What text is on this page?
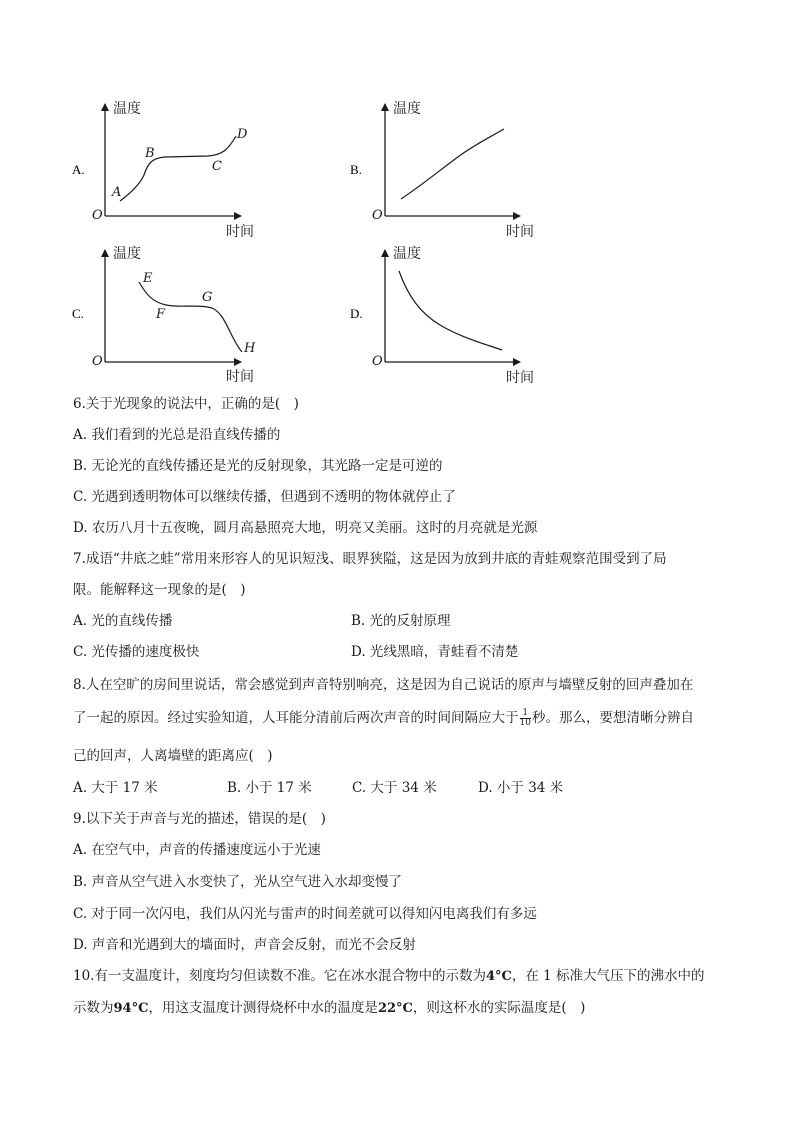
A.
温度
时间
O
A
B
C
D
B.
温度
时间
O
C.
温度
时间
O
E
F
G
H
D.
温度
时间
O
6.关于光现象的说法中，正确的是(　)
A. 我们看到的光总是沿直线传播的
B. 无论光的直线传播还是光的反射现象，其光路一定是可逆的
C. 光遇到透明物体可以继续传播，但遇到不透明的物体就停止了
D. 农历八月十五夜晚，圆月高悬照亮大地，明亮又美丽。这时的月亮就是光源
7.成语“井底之蛙”常用来形容人的见识短浅、眼界狭隘，这是因为放到井底的青蛙观察范围受到了局
限。能解释这一现象的是(　)
A. 光的直线传播	B. 光的反射原理
C. 光传播的速度极快	D. 光线黑暗，青蛙看不清楚
8.人在空旷的房间里说话，常会感觉到声音特别响亮，这是因为自己说话的原声与墙壁反射的回声叠加在
了一起的原因。经过实验知道，人耳能分清前后两次声音的时间间隔应大于 $\frac{1}{10}$ 秒。那么，要想清晰分辨自
己的回声，人离墙壁的距离应(　)
A. 大于 17 米	B. 小于 17 米	C. 大于 34 米	D. 小于 34 米
9.以下关于声音与光的描述，错误的是(　)
A. 在空气中，声音的传播速度远小于光速
B. 声音从空气进入水变快了，光从空气进入水却变慢了
C. 对于同一次闪电，我们从闪光与雷声的时间差就可以得知闪电离我们有多远
D. 声音和光遇到大的墙面时，声音会反射，而光不会反射
10.有一支温度计，刻度均匀但读数不准。它在冰水混合物中的示数为4°C，在 1 标准大气压下的沸水中的
示数为94°C，用这支温度计测得烧杯中水的温度是22°C，则这杯水的实际温度是(　)
